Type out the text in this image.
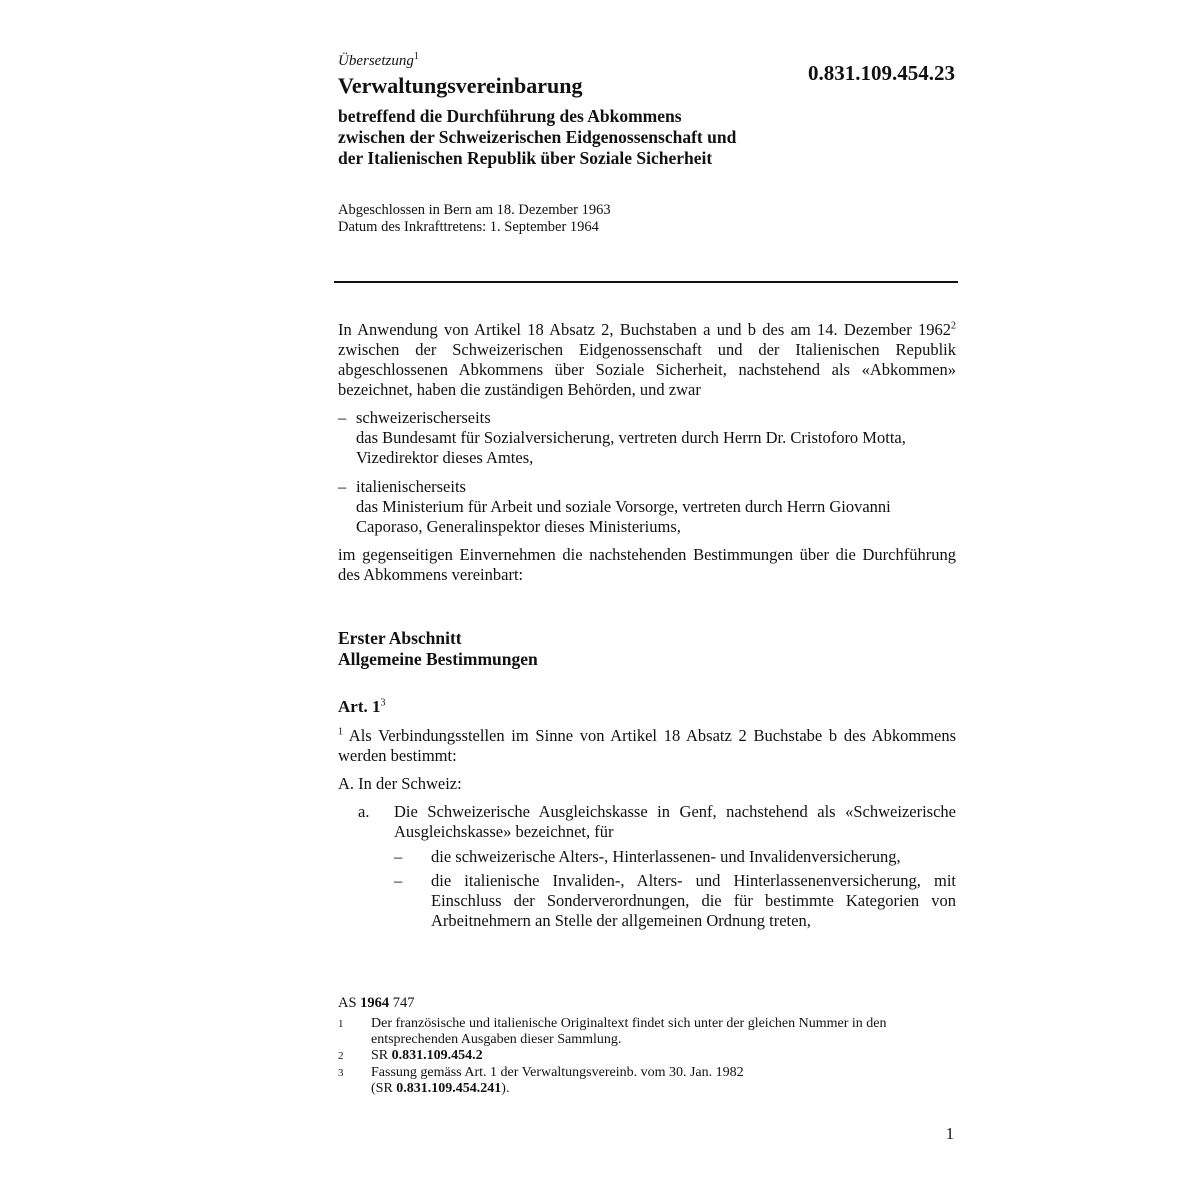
Übersetzung$^1$
0.831.109.454.23
Verwaltungsvereinbarung
betreffend die Durchführung des Abkommens
zwischen der Schweizerischen Eidgenossenschaft und
der Italienischen Republik über Soziale Sicherheit
Abgeschlossen in Bern am 18. Dezember 1963
Datum des Inkrafttretens: 1. September 1964
In Anwendung von Artikel 18 Absatz 2, Buchstaben a und b des am 14. Dezember 1962$^2$ zwischen der Schweizerischen Eidgenossenschaft und der Italienischen Republik abgeschlossenen Abkommens über Soziale Sicherheit, nachstehend als «Abkommen» bezeichnet, haben die zuständigen Behörden, und zwar
– schweizerischerseits
das Bundesamt für Sozialversicherung, vertreten durch Herrn Dr. Cristoforo Motta, Vizedirektor dieses Amtes,
– italienischerseits
das Ministerium für Arbeit und soziale Vorsorge, vertreten durch Herrn Giovanni Caporaso, Generalinspektor dieses Ministeriums,
im gegenseitigen Einvernehmen die nachstehenden Bestimmungen über die Durchführung des Abkommens vereinbart:
Erster Abschnitt
Allgemeine Bestimmungen
Art. $1^3$
$^1$ Als Verbindungsstellen im Sinne von Artikel 18 Absatz 2 Buchstabe b des Abkommens werden bestimmt:
A. In der Schweiz:
a. Die Schweizerische Ausgleichskasse in Genf, nachstehend als «Schweizerische Ausgleichskasse» bezeichnet, für
– die schweizerische Alters-, Hinterlassenen- und Invalidenversicherung,
– die italienische Invaliden-, Alters- und Hinterlassenenversicherung, mit Einschluss der Sonderverordnungen, die für bestimmte Kategorien von Arbeitnehmern an Stelle der allgemeinen Ordnung treten,
AS 1964 747
1 Der französische und italienische Originaltext findet sich unter der gleichen Nummer in den entsprechenden Ausgaben dieser Sammlung.
2 SR 0.831.109.454.2
3 Fassung gemäss Art. 1 der Verwaltungsvereinb. vom 30. Jan. 1982
(SR 0.831.109.454.241).
1
